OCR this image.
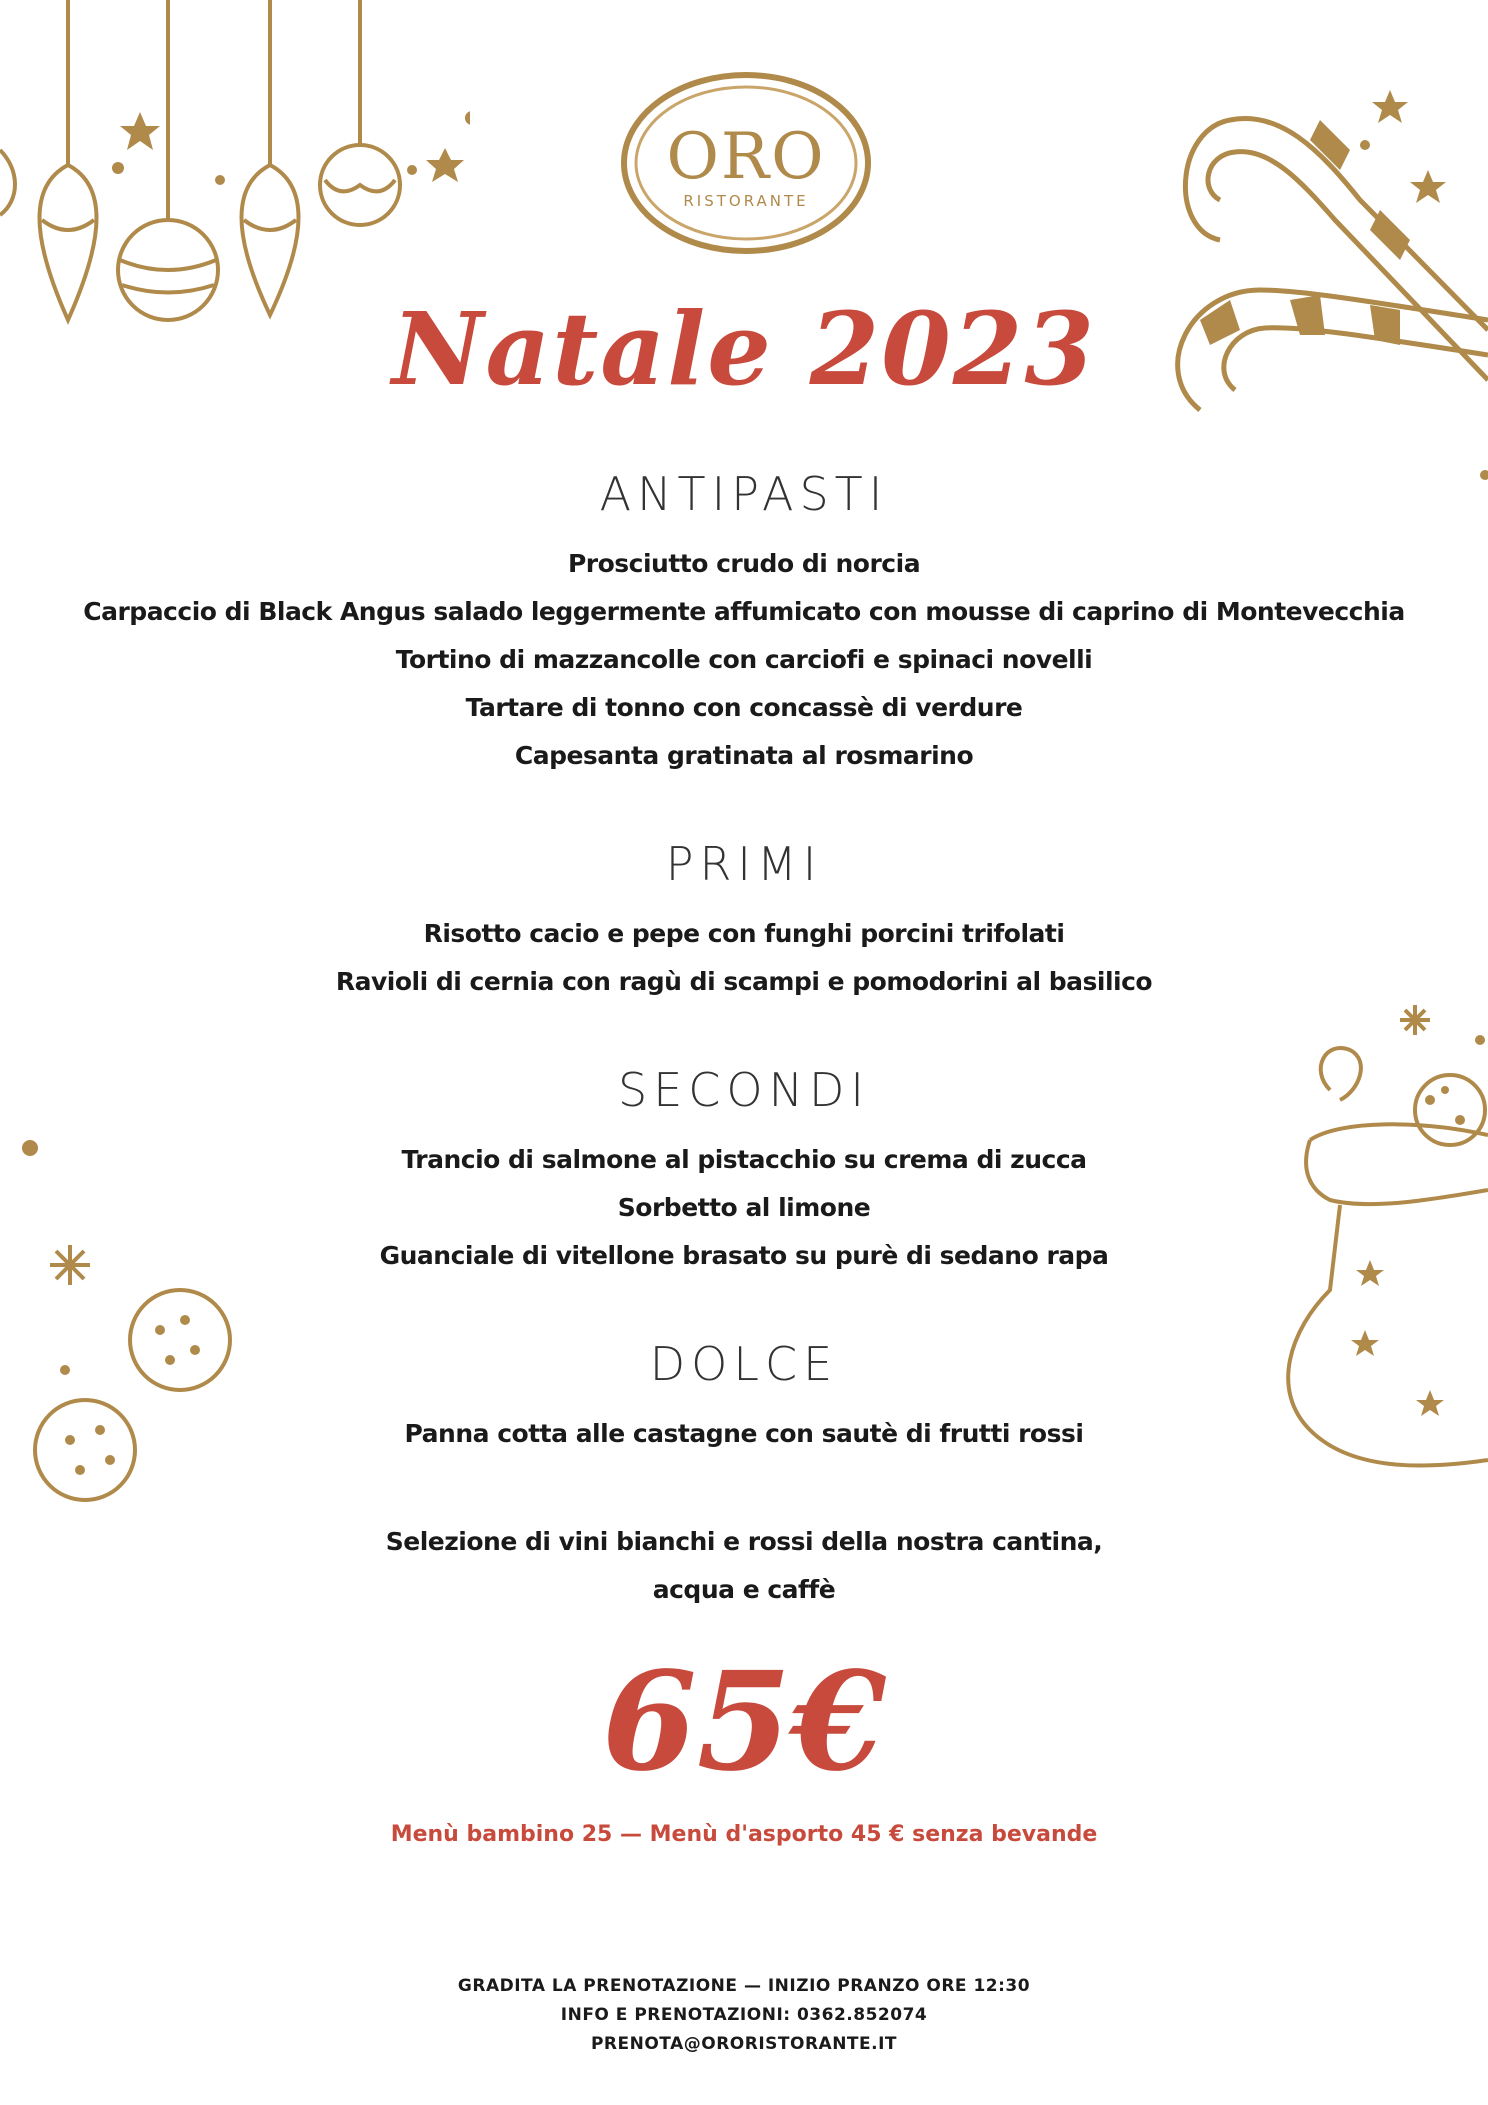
ORO
RISTORANTE
Natale 2023
ANTIPASTI
Prosciutto crudo di norcia
Carpaccio di Black Angus salado leggermente affumicato con mousse di caprino di Montevecchia
Tortino di mazzancolle con carciofi e spinaci novelli
Tartare di tonno con concassè di verdure
Capesanta gratinata al rosmarino
PRIMI
Risotto cacio e pepe con funghi porcini trifolati
Ravioli di cernia con ragù di scampi e pomodorini al basilico
SECONDI
Trancio di salmone al pistacchio su crema di zucca
Sorbetto al limone
Guanciale di vitellone brasato su purè di sedano rapa
DOLCE
Panna cotta alle castagne con sautè di frutti rossi
Selezione di vini bianchi e rossi della nostra cantina,
acqua e caffè
65€
Menù bambino 25 — Menù d'asporto 45 € senza bevande
GRADITA LA PRENOTAZIONE — INIZIO PRANZO ORE 12:30
INFO E PRENOTAZIONI: 0362.852074
PRENOTA@ORORISTORANTE.IT
